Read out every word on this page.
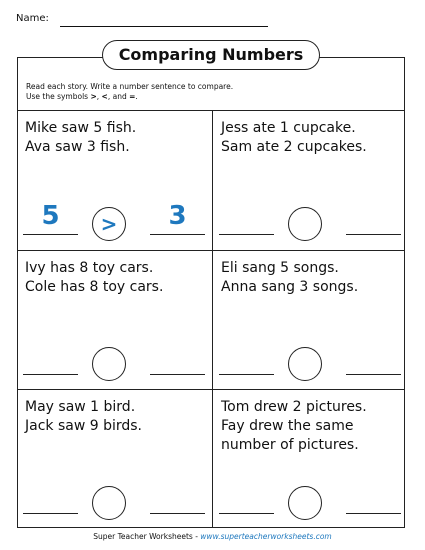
Name:
Comparing Numbers
Read each story. Write a number sentence to compare.
Use the symbols >, <, and =.
Mike saw 5 fish.
Ava saw 3 fish.
5	>	3
Jess ate 1 cupcake.
Sam ate 2 cupcakes.
Ivy has 8 toy cars.
Cole has 8 toy cars.
Eli sang 5 songs.
Anna sang 3 songs.
May saw 1 bird.
Jack saw 9 birds.
Tom drew 2 pictures.
Fay drew the same
number of pictures.
Super Teacher Worksheets - www.superteacherworksheets.com
